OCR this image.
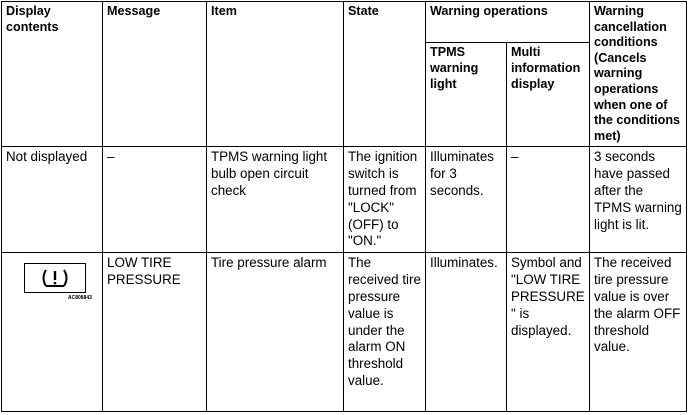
Display contents	Message	Item	State	Warning operations		Warning cancellation conditions (Cancels warning operations when one of the conditions met)
				TPMS warning light	Multi information display	
Not displayed	–	TPMS warning light bulb open circuit check	The ignition switch is turned from "LOCK" (OFF) to "ON."	Illuminates for 3 seconds.	–	3 seconds have passed after the TPMS warning light is lit.

AC808843	LOW TIRE PRESSURE	Tire pressure alarm	The received tire pressure value is under the alarm ON threshold value.	Illuminates.	Symbol and "LOW TIRE PRESSURE" is displayed.	The received tire pressure value is over the alarm OFF threshold value.
